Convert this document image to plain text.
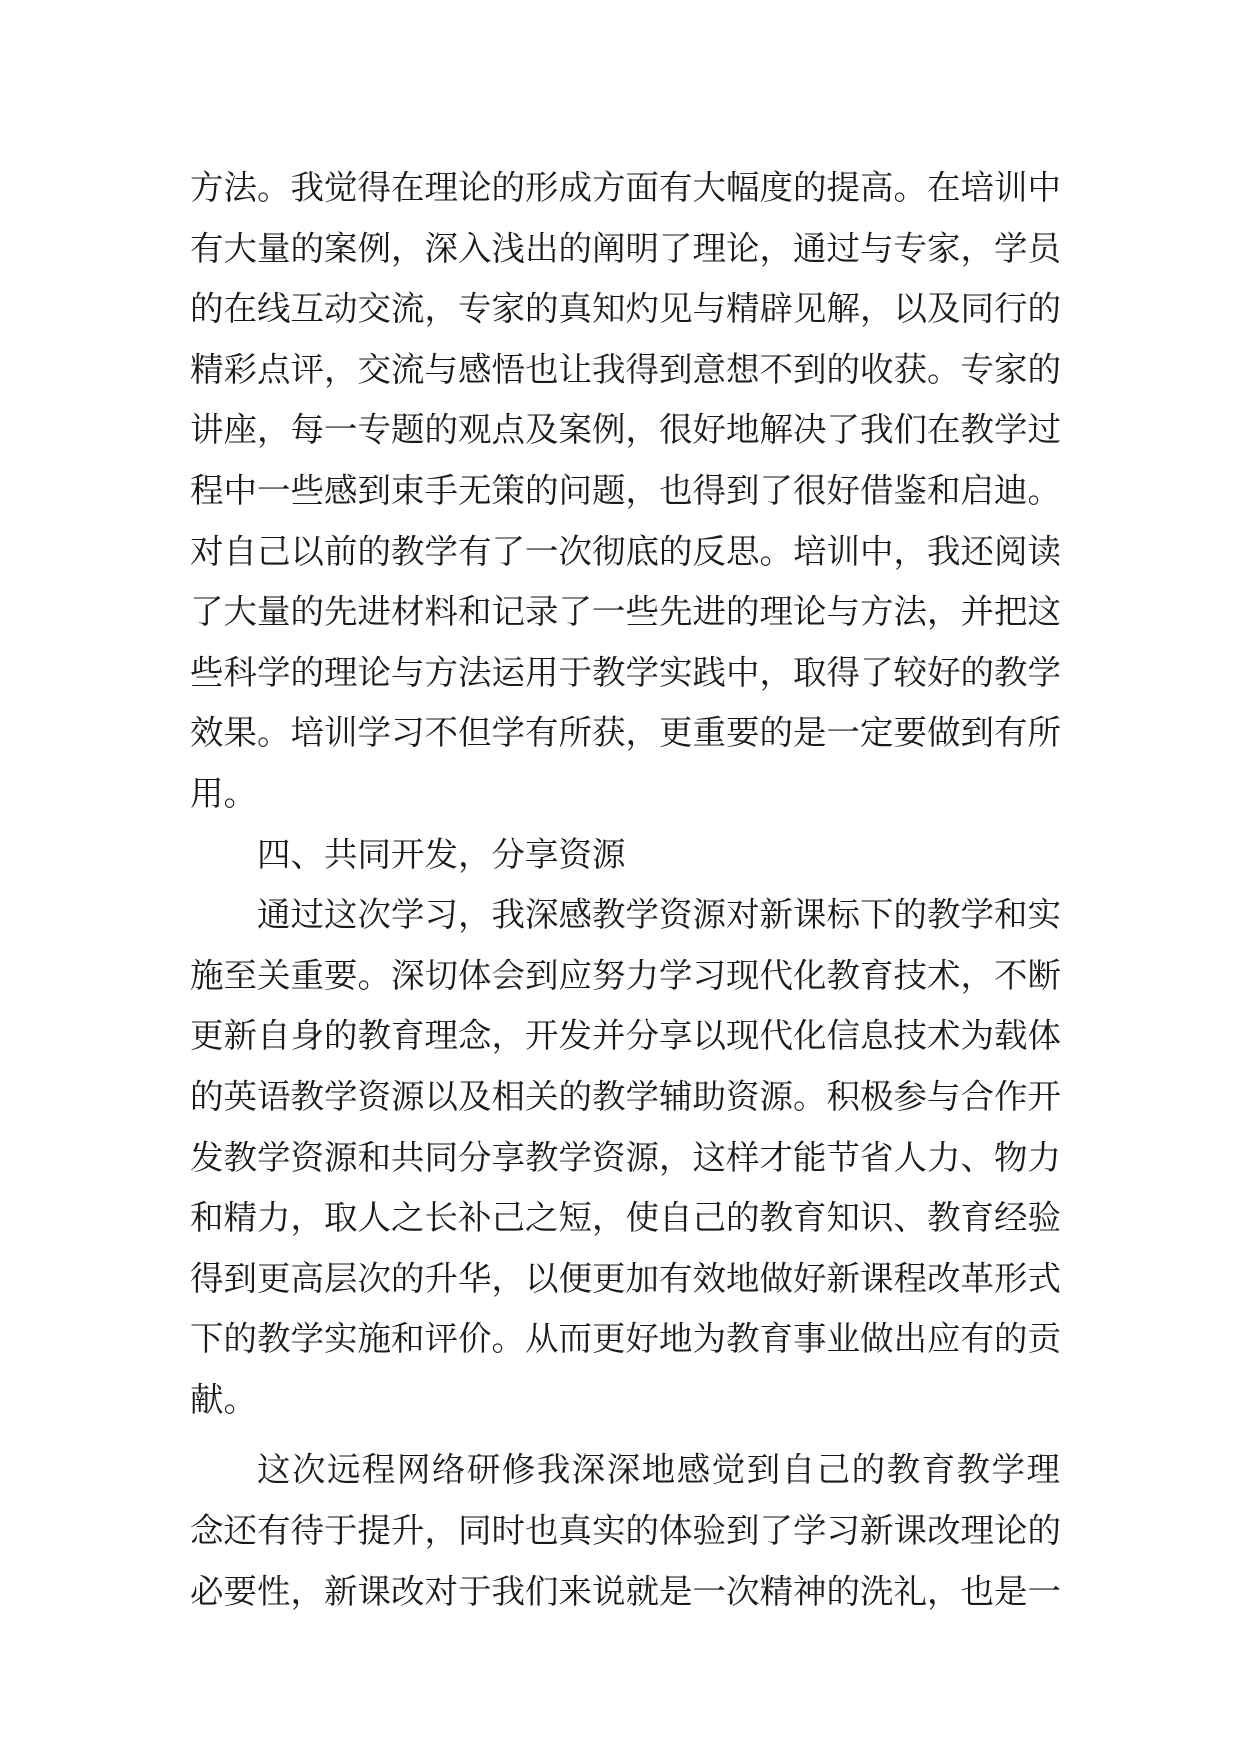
方法。我觉得在理论的形成方面有大幅度的提高。在培训中
有大量的案例，深入浅出的阐明了理论，通过与专家，学员
的在线互动交流，专家的真知灼见与精辟见解，以及同行的
精彩点评，交流与感悟也让我得到意想不到的收获。专家的
讲座，每一专题的观点及案例，很好地解决了我们在教学过
程中一些感到束手无策的问题，也得到了很好借鉴和启迪。
对自己以前的教学有了一次彻底的反思。培训中，我还阅读
了大量的先进材料和记录了一些先进的理论与方法，并把这
些科学的理论与方法运用于教学实践中，取得了较好的教学
效果。培训学习不但学有所获，更重要的是一定要做到有所
用。
四、共同开发，分享资源
通过这次学习，我深感教学资源对新课标下的教学和实
施至关重要。深切体会到应努力学习现代化教育技术，不断
更新自身的教育理念，开发并分享以现代化信息技术为载体
的英语教学资源以及相关的教学辅助资源。积极参与合作开
发教学资源和共同分享教学资源，这样才能节省人力、物力
和精力，取人之长补己之短，使自己的教育知识、教育经验
得到更高层次的升华，以便更加有效地做好新课程改革形式
下的教学实施和评价。从而更好地为教育事业做出应有的贡
献。
这次远程网络研修我深深地感觉到自己的教育教学理
念还有待于提升，同时也真实的体验到了学习新课改理论的
必要性，新课改对于我们来说就是一次精神的洗礼，也是一
